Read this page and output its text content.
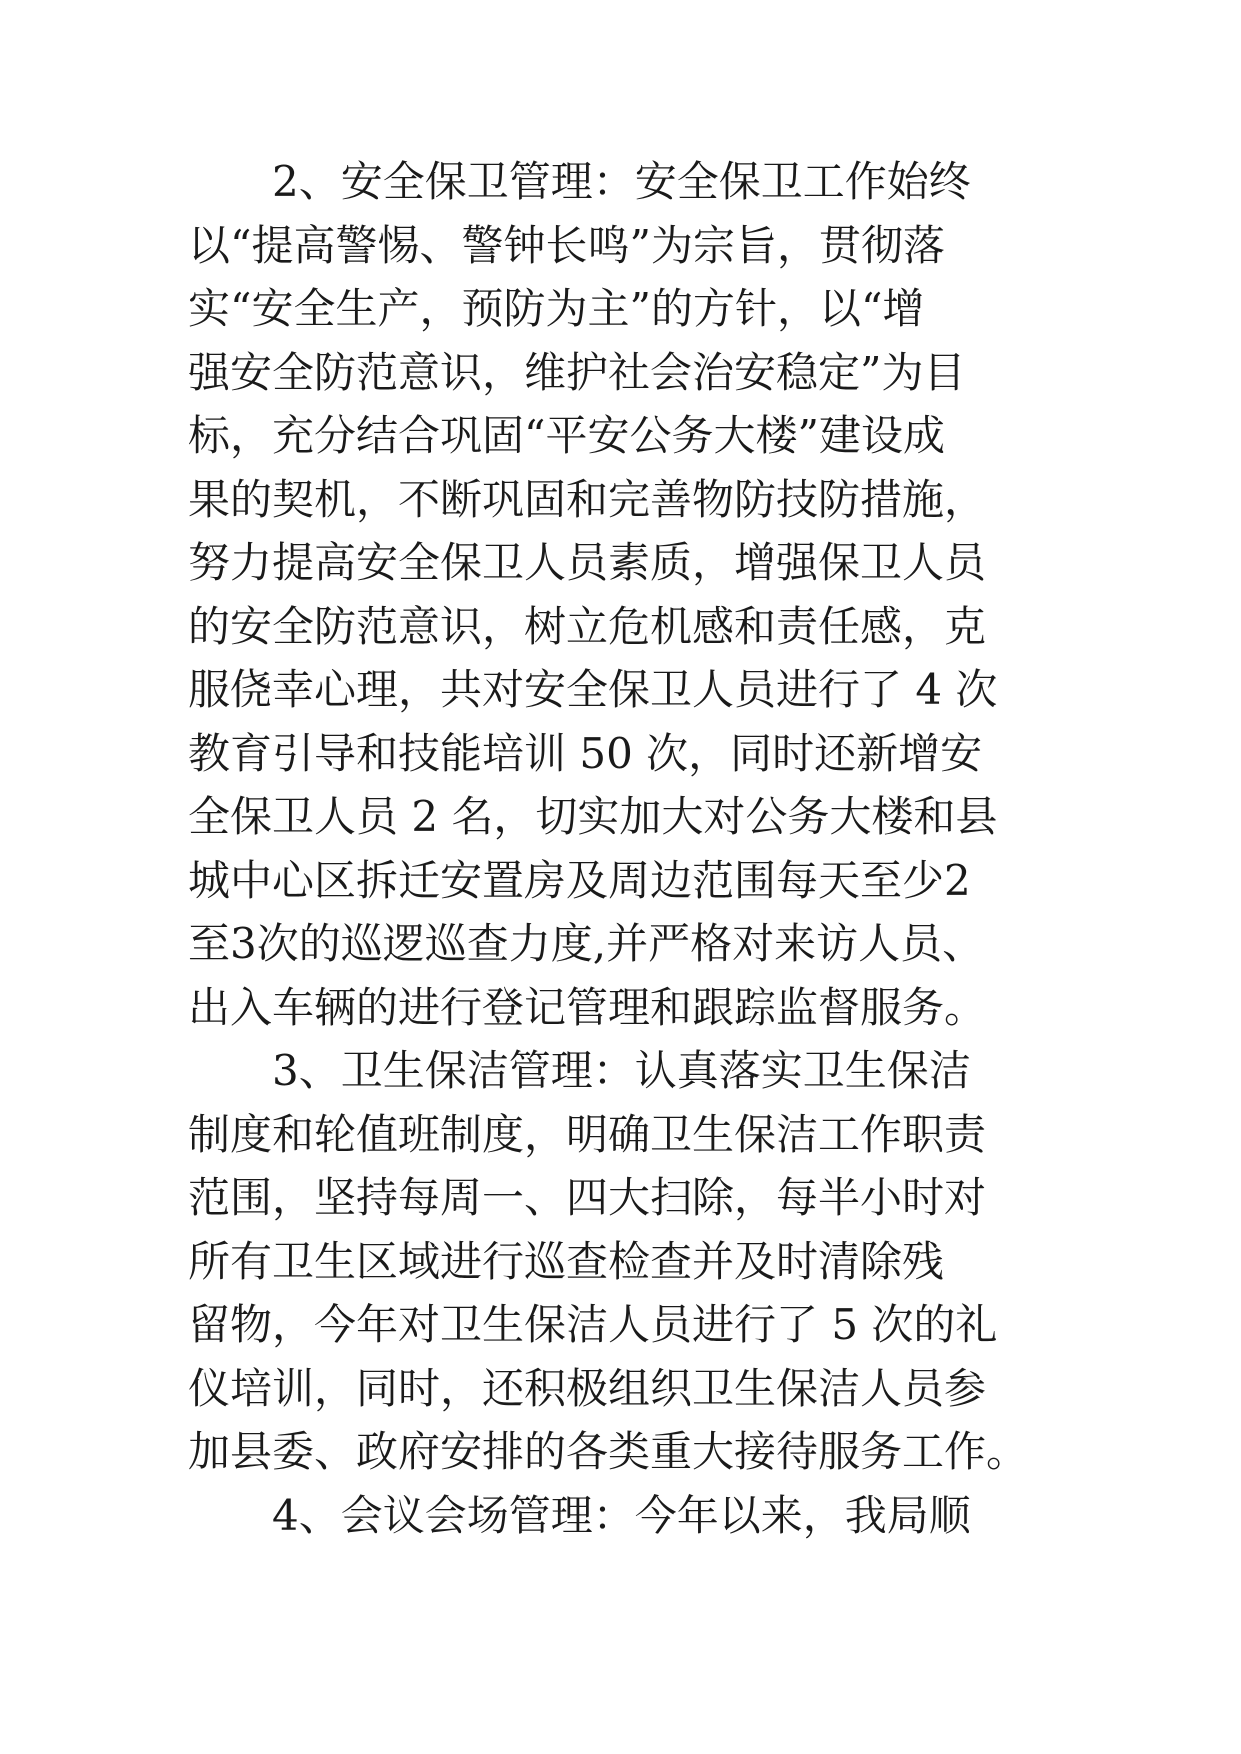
　　2、安全保卫管理：安全保卫工作始终
以“提高警惕、警钟长鸣”为宗旨，贯彻落
实“安全生产，预防为主”的方针，以“增
强安全防范意识，维护社会治安稳定”为目
标，充分结合巩固“平安公务大楼”建设成
果的契机，不断巩固和完善物防技防措施，
努力提高安全保卫人员素质，增强保卫人员
的安全防范意识，树立危机感和责任感，克
服侥幸心理，共对安全保卫人员进行了 4 次
教育引导和技能培训 50 次，同时还新增安
全保卫人员 2 名，切实加大对公务大楼和县
城中心区拆迁安置房及周边范围每天至少2
至3次的巡逻巡查力度,并严格对来访人员、
出入车辆的进行登记管理和跟踪监督服务。
　　3、卫生保洁管理：认真落实卫生保洁
制度和轮值班制度，明确卫生保洁工作职责
范围，坚持每周一、四大扫除，每半小时对
所有卫生区域进行巡查检查并及时清除残
留物，今年对卫生保洁人员进行了 5 次的礼
仪培训，同时，还积极组织卫生保洁人员参
加县委、政府安排的各类重大接待服务工作。
　　4、会议会场管理：今年以来，我局顺
